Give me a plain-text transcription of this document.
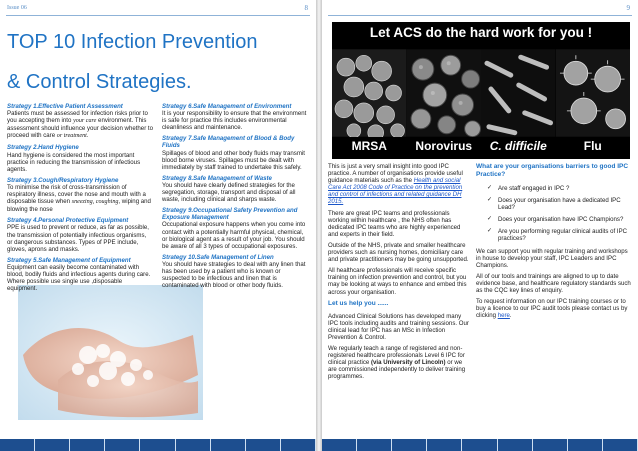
Issue 06	8
TOP 10 Infection Prevention
& Control Strategies.
Strategy 1.Effective Patient Assessment
Patients must be assessed for infection risks prior to you accepting them into your care environment. This assessment should influence your decision whether to proceed with care or treatment.
Strategy 2.Hand Hygiene
Hand hygiene is considered the most important practice in reducing the transmission of infectious agents.
Strategy 3.Cough/Respiratory Hygiene
To minimise the risk of cross-transmission of respiratory illness, cover the nose and mouth with a disposable tissue when sneezing, coughing, wiping and blowing the nose
Strategy 4.Personal Protective Equipment
PPE is used to prevent or reduce, as far as possible, the transmission of potentially infectious organisms, or dangerous substances. Types of PPE include, gloves, aprons and masks.
Strategy 5.Safe Management of Equipment
Equipment can easily become contaminated with blood, bodily fluids and infectious agents during care. Where possible use single use ,disposable equipment.
Strategy 6.Safe Management of Environment
It is your responsibility to ensure that the environment is safe for practice this includes environmental cleanliness and maintenance.
Strategy 7.Safe Management of Blood & Body Fluids
Spillages of blood and other body fluids may transmit blood borne viruses. Spillages must be dealt with immediately by staff trained to undertake this safely.
Strategy 8.Safe Management of Waste
You should have clearly defined strategies for the segregation, storage, transport and disposal of all waste, including clinical and sharps waste.
Strategy 9.Occupational Safety Prevention and Exposure Management
Occupational exposure happens when you come into contact with a potentially harmful physical, chemical, or biological agent as a result of your job. You should be aware of all 3 types of occupational exposures.
Strategy 10.Safe Management of Linen
You should have strategies to deal with any linen that has been used by a patient who is known or suspected to be infectious and linen that is contaminated with blood or other body fluids.
9
Let ACS do the hard work for you !
MRSA	Norovirus	C. difficile	Flu
This is just a very small insight into good IPC practice. A number of organisations provide useful guidance materials such as the Health and social Care Act 2008 Code of Practice on the prevention and control of infections and related guidance DH 2015.
There are great IPC teams and professionals working within healthcare , the NHS often has dedicated IPC teams who are highly experienced and experts in their field.
Outside of the NHS, private and smaller healthcare providers such as nursing homes, domiciliary care and private practitioners may be going unsupported.
All healthcare professionals will receive specific training on infection prevention and control, but you may be looking at ways to enhance and embed this across your organisation.
Let us help you ......
Advanced Clinical Solutions has developed many IPC tools including audits and training sessions. Our clinical lead for IPC has an MSc in Infection Prevention & Control.
We regularly teach a range of registered and non-registered healthcare professionals Level 6 IPC for clinical practice (via University of Lincoln) or we are commissioned independently to deliver training programmes.
What are your organisations barriers to good IPC Practice?
✓ Are staff engaged in IPC ?
✓ Does your organisation have a dedicated IPC Lead?
✓ Does your organisation have IPC Champions?
✓ Are you performing regular clinical audits of IPC practices?
We can support you with regular training and workshops in house to develop your staff, IPC Leaders and IPC Champions.
All of our tools and trainings are aligned to up to date evidence base, and healthcare regulatory standards such as the CQC key lines of enquiry.
To request information on our IPC training courses or to buy a licence to our IPC audit tools please contact us by clicking here.
